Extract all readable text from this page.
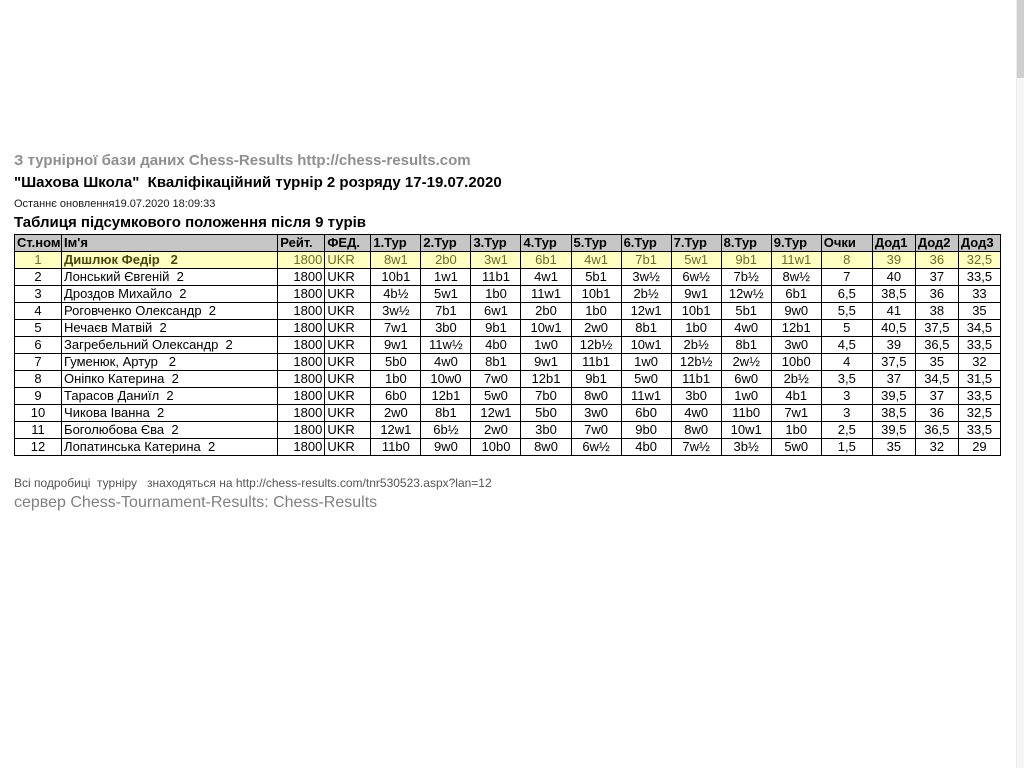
З турнірної бази даних Chess-Results http://chess-results.com
"Шахова Школа"  Кваліфікаційний турнір 2 розряду 17-19.07.2020
Останнє оновлення19.07.2020 18:09:33
Таблиця підсумкового положення після 9 турів
Ст.ном	Ім'я	Рейт.	ФЕД.	1.Тур	2.Тур	3.Тур	4.Тур	5.Тур	6.Тур	7.Тур	8.Тур	9.Тур	Очки	Дод1	Дод2	Дод3
1	Дишлюк Федір   2	1800	UKR	8w1	2b0	3w1	6b1	4w1	7b1	5w1	9b1	11w1	8	39	36	32,5
2	Лонський Євгеній  2	1800	UKR	10b1	1w1	11b1	4w1	5b1	3w½	6w½	7b½	8w½	7	40	37	33,5
3	Дроздов Михайло  2	1800	UKR	4b½	5w1	1b0	11w1	10b1	2b½	9w1	12w½	6b1	6,5	38,5	36	33
4	Роговченко Олександр  2	1800	UKR	3w½	7b1	6w1	2b0	1b0	12w1	10b1	5b1	9w0	5,5	41	38	35
5	Нечаєв Матвій  2	1800	UKR	7w1	3b0	9b1	10w1	2w0	8b1	1b0	4w0	12b1	5	40,5	37,5	34,5
6	Загребельний Олександр  2	1800	UKR	9w1	11w½	4b0	1w0	12b½	10w1	2b½	8b1	3w0	4,5	39	36,5	33,5
7	Гуменюк, Артур   2	1800	UKR	5b0	4w0	8b1	9w1	11b1	1w0	12b½	2w½	10b0	4	37,5	35	32
8	Оніпко Катерина  2	1800	UKR	1b0	10w0	7w0	12b1	9b1	5w0	11b1	6w0	2b½	3,5	37	34,5	31,5
9	Тарасов Даниїл  2	1800	UKR	6b0	12b1	5w0	7b0	8w0	11w1	3b0	1w0	4b1	3	39,5	37	33,5
10	Чикова Іванна  2	1800	UKR	2w0	8b1	12w1	5b0	3w0	6b0	4w0	11b0	7w1	3	38,5	36	32,5
11	Боголюбова Єва  2	1800	UKR	12w1	6b½	2w0	3b0	7w0	9b0	8w0	10w1	1b0	2,5	39,5	36,5	33,5
12	Лопатинська Катерина  2	1800	UKR	11b0	9w0	10b0	8w0	6w½	4b0	7w½	3b½	5w0	1,5	35	32	29
Всі подробиці  турніру   знаходяться на http://chess-results.com/tnr530523.aspx?lan=12
сервер Chess-Tournament-Results: Chess-Results
